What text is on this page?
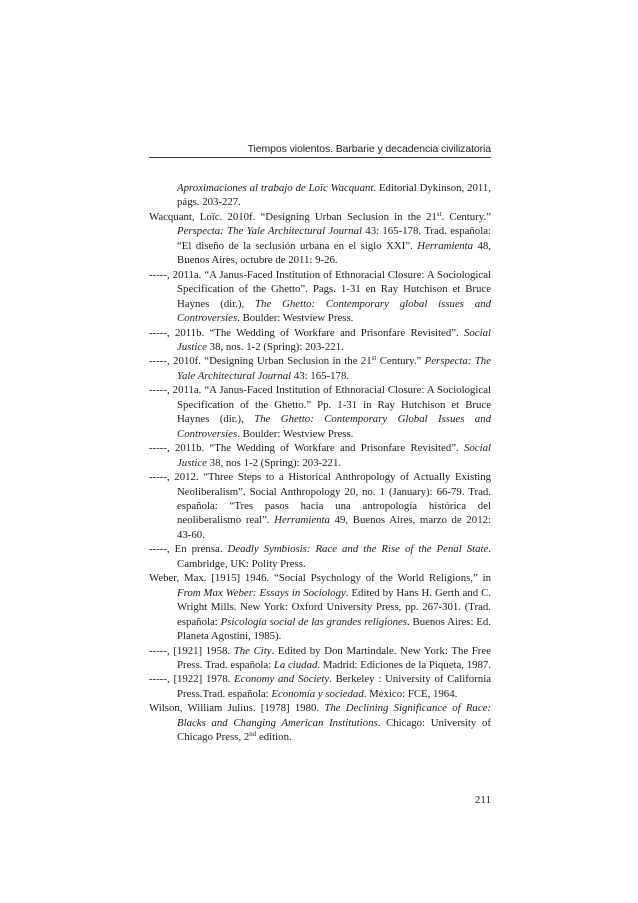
Tiempos violentos. Barbarie y decadencia civilizatoria

Aproximaciones al trabajo de Loïc Wacquant. Editorial Dykinson, 2011, págs. 203-227.

Wacquant, Loïc. 2010f. “Designing Urban Seclusion in the 21st. Century.” Perspecta: The Yale Architectural Journal 43: 165-178. Trad. española: “El diseño de la seclusión urbana en el siglo XXI”. Herramienta 48, Buenos Aires, octubre de 2011: 9-26.

-----, 2011a. “A Janus-Faced Institution of Ethnoracial Closure: A Sociological Specification of the Ghetto”. Pags. 1-31 en Ray Hutchison et Bruce Haynes (dir.), The Ghetto: Contemporary global issues and Controversies. Boulder: Westview Press.

-----, 2011b. “The Wedding of Workfare and Prisonfare Revisited”. Social Justice 38, nos. 1-2 (Spring): 203-221.

-----, 2010f. “Designing Urban Seclusion in the 21st Century.” Perspecta: The Yale Architectural Journal 43: 165-178.

-----, 2011a. “A Janus-Faced Institution of Ethnoracial Closure: A Sociological Specification of the Ghetto.” Pp. 1-31 in Ray Hutchison et Bruce Haynes (dir.), The Ghetto: Contemporary Global Issues and Controversies. Boulder: Westview Press.

-----, 2011b. “The Wedding of Workfare and Prisonfare Revisited”. Social Justice 38, nos 1-2 (Spring): 203-221.

-----, 2012. “Three Steps to a Historical Anthropology of Actually Existing Neoliberalism”. Social Anthropology 20, no. 1 (January): 66-79. Trad. española: “Tres pasos hacia una antropología histórica del neoliberalismo real”. Herramienta 49, Buenos Aires, marzo de 2012: 43-60.

-----, En prensa. Deadly Symbiosis: Race and the Rise of the Penal State. Cambridge, UK: Polity Press.

Weber, Max. [1915] 1946. “Social Psychology of the World Religions,” in From Max Weber: Essays in Sociology. Edited by Hans H. Gerth and C. Wright Mills. New York: Oxford University Press, pp. 267-301. (Trad. española: Psicología social de las grandes religiones. Buenos Aires: Ed. Planeta Agostini, 1985).

-----, [1921] 1958. The City. Edited by Don Martindale. New York: The Free Press. Trad. española: La ciudad. Madrid: Ediciones de la Piqueta, 1987.

-----, [1922] 1978. Economy and Society. Berkeley : University of California Press.Trad. española: Economía y sociedad. México: FCE, 1964.

Wilson, William Julius. [1978] 1980. The Declining Significance of Race: Blacks and Changing American Institutions. Chicago: University of Chicago Press, 2nd edition.

211
